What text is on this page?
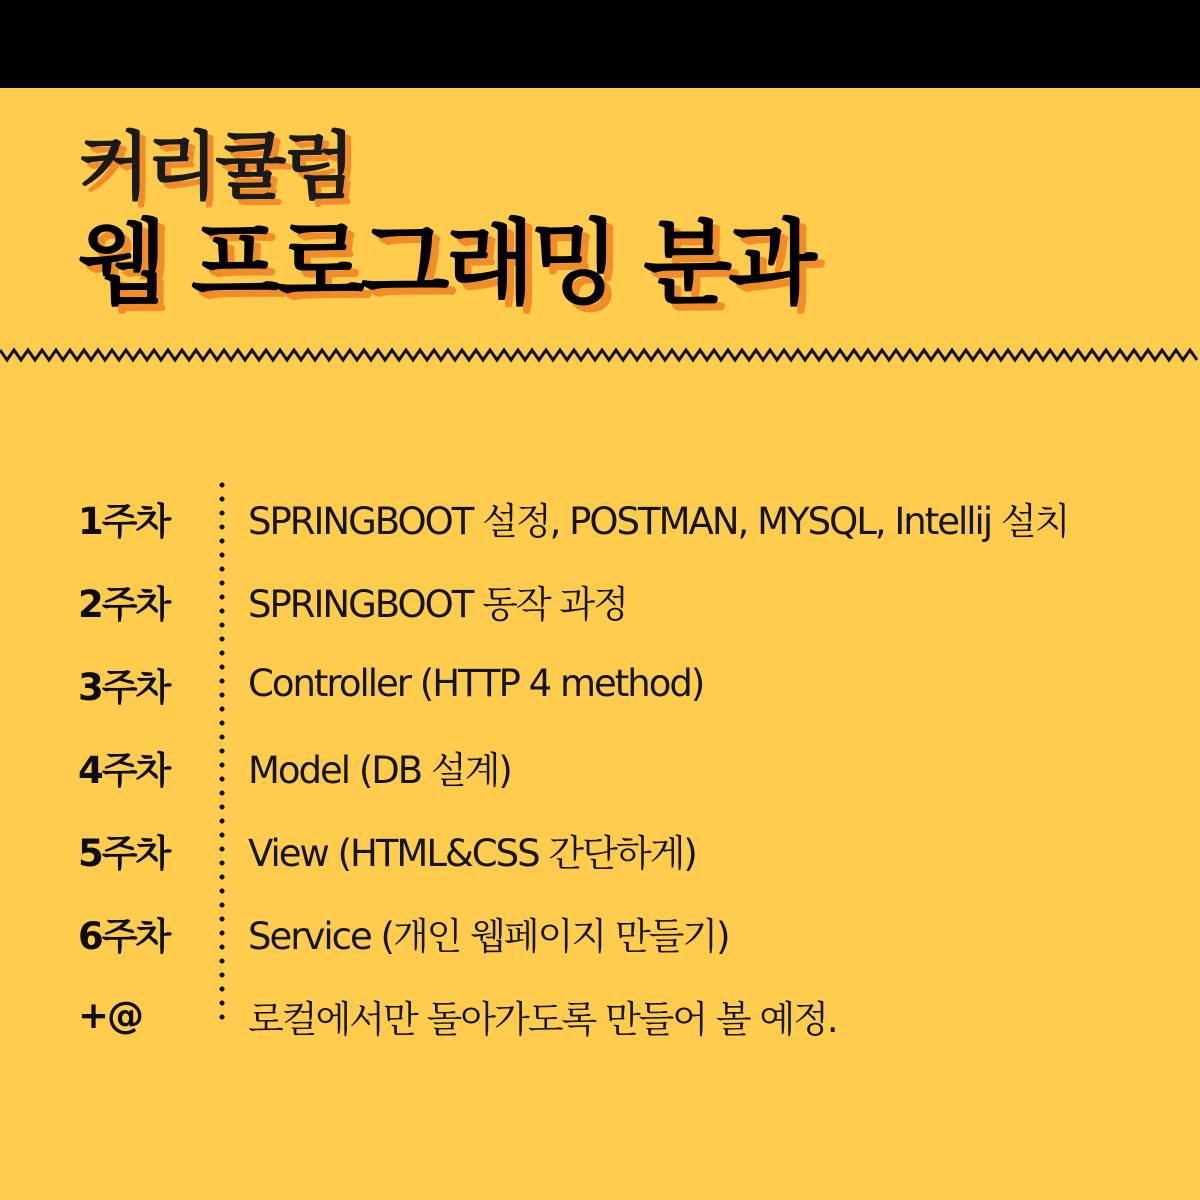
커리큘럼
웹 프로그래밍 분과
1주차	SPRINGBOOT 설정, POSTMAN, MYSQL, Intellij 설치
2주차	SPRINGBOOT 동작 과정
3주차	Controller (HTTP 4 method)
4주차	Model (DB 설계)
5주차	View (HTML&CSS 간단하게)
6주차	Service (개인 웹페이지 만들기)
+@	로컬에서만 돌아가도록 만들어 볼 예정.
